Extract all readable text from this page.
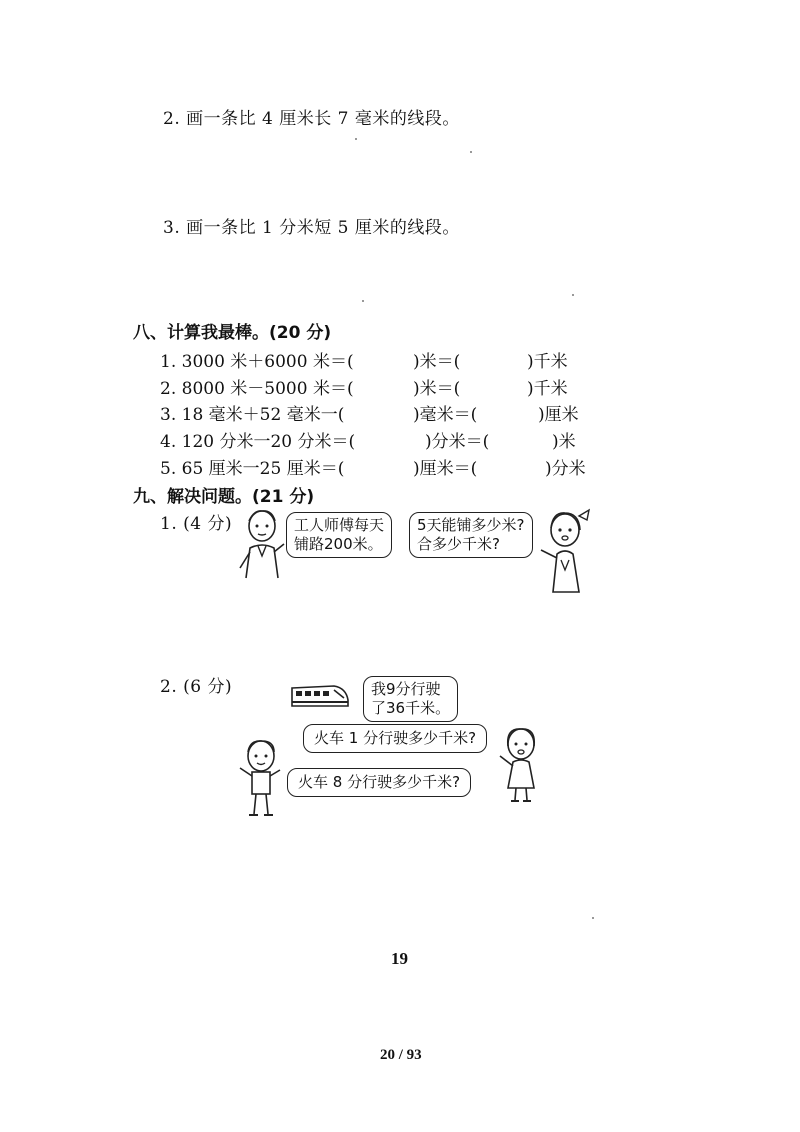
2. 画一条比 4 厘米长 7 毫米的线段。
3. 画一条比 1 分米短 5 厘米的线段。
八、计算我最棒。(20 分)
1. 3000 米＋6000 米＝(	)米＝(	)千米
2. 8000 米－5000 米＝(	)米＝(	)千米
3. 18 毫米＋52 毫米一(	)毫米＝(	)厘米
4. 120 分米一20 分米＝(	)分米＝(	)米
5. 65 厘米一25 厘米＝(	)厘米＝(	)分米
九、解决问题。(21 分)
1. (4 分)	工人师傅每天
铺路200米。
5天能铺多少米?
合多少千米?
2. (6 分)	我9分行驶
了36千米。
火车 1 分行驶多少千米?
火车 8 分行驶多少千米?
19
20 / 93
